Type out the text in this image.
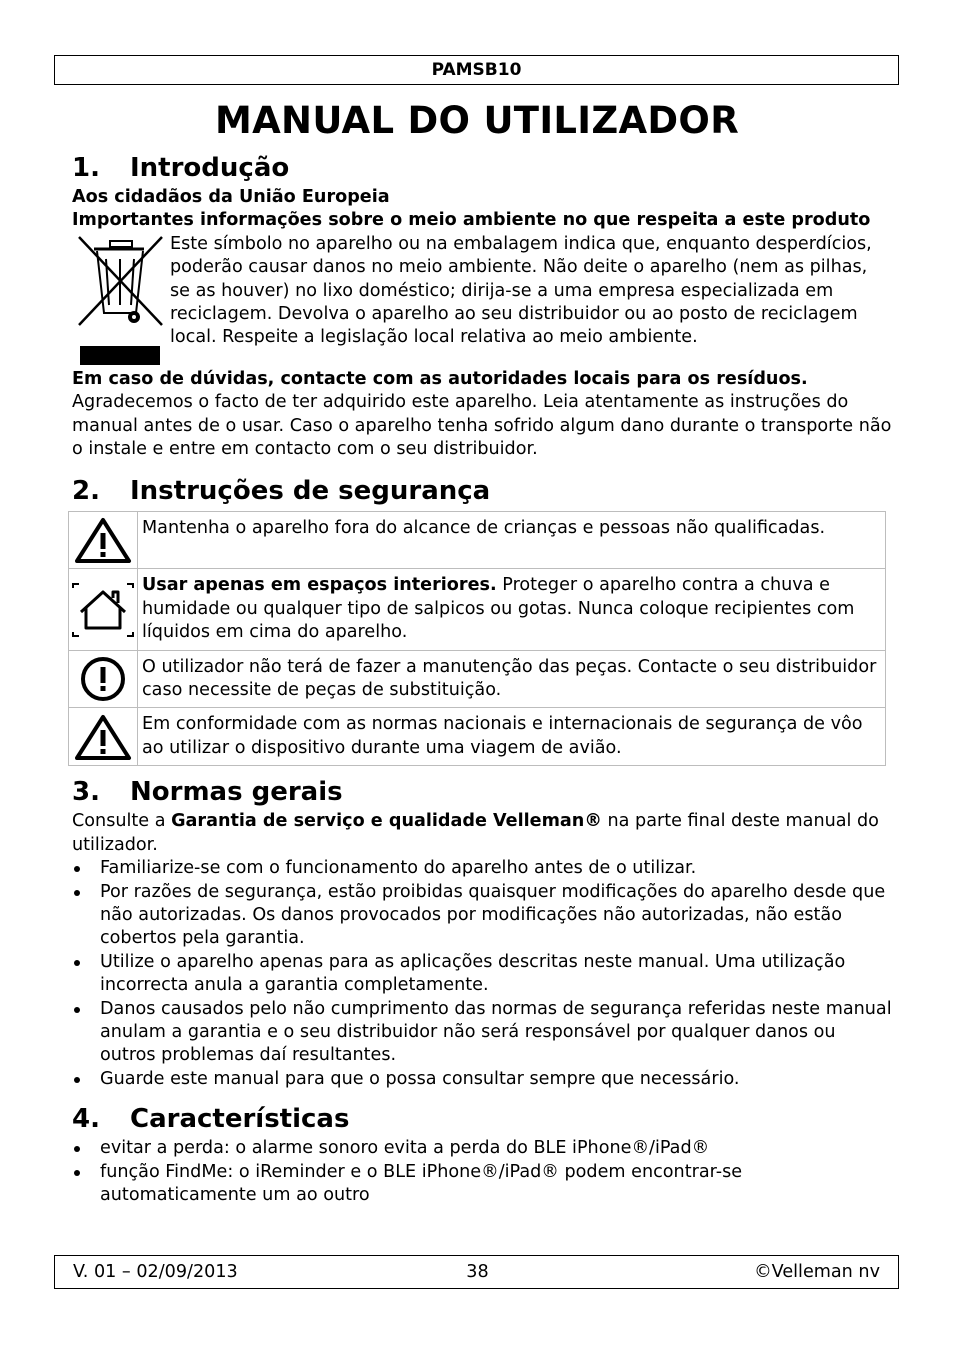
PAMSB10
MANUAL DO UTILIZADOR
1.	Introdução

Aos cidadãos da União Europeia

Importantes informações sobre o meio ambiente no que respeita a este produto

Este símbolo no aparelho ou na embalagem indica que, enquanto desperdícios, poderão causar danos no meio ambiente. Não deite o aparelho (nem as pilhas, se as houver) no lixo doméstico; dirija-se a uma empresa especializada em reciclagem. Devolva o aparelho ao seu distribuidor ou ao posto de reciclagem local. Respeite a legislação local relativa ao meio ambiente.

Em caso de dúvidas, contacte com as autoridades locais para os resíduos.

Agradecemos o facto de ter adquirido este aparelho. Leia atentamente as instruções do manual antes de o usar. Caso o aparelho tenha sofrido algum dano durante o transporte não o instale e entre em contacto com o seu distribuidor.

2.	Instruções de segurança
	Mantenha o aparelho fora do alcance de crianças e pessoas não qualificadas.

	Usar apenas em espaços interiores. Proteger o aparelho contra a chuva e humidade ou qualquer tipo de salpicos ou gotas. Nunca coloque recipientes com líquidos em cima do aparelho.

	O utilizador não terá de fazer a manutenção das peças. Contacte o seu distribuidor caso necessite de peças de substituição.

	Em conformidade com as normas nacionais e internacionais de segurança de vôo ao utilizar o dispositivo durante uma viagem de avião.
3.	Normas gerais

Consulte a Garantia de serviço e qualidade Velleman® na parte final deste manual do utilizador.

Familiarize-se com o funcionamento do aparelho antes de o utilizar.
Por razões de segurança, estão proibidas quaisquer modificações do aparelho desde que não autorizadas. Os danos provocados por modificações não autorizadas, não estão cobertos pela garantia.
Utilize o aparelho apenas para as aplicações descritas neste manual. Uma utilização incorrecta anula a garantia completamente.
Danos causados pelo não cumprimento das normas de segurança referidas neste manual anulam a garantia e o seu distribuidor não será responsável por qualquer danos ou outros problemas daí resultantes.
Guarde este manual para que o possa consultar sempre que necessário.
4.	Características
evitar a perda: o alarme sonoro evita a perda do BLE iPhone®/iPad®
função FindMe: o iReminder e o BLE iPhone®/iPad® podem encontrar-se automaticamente um ao outro
V. 01 – 02/09/2013	38	©Velleman nv
